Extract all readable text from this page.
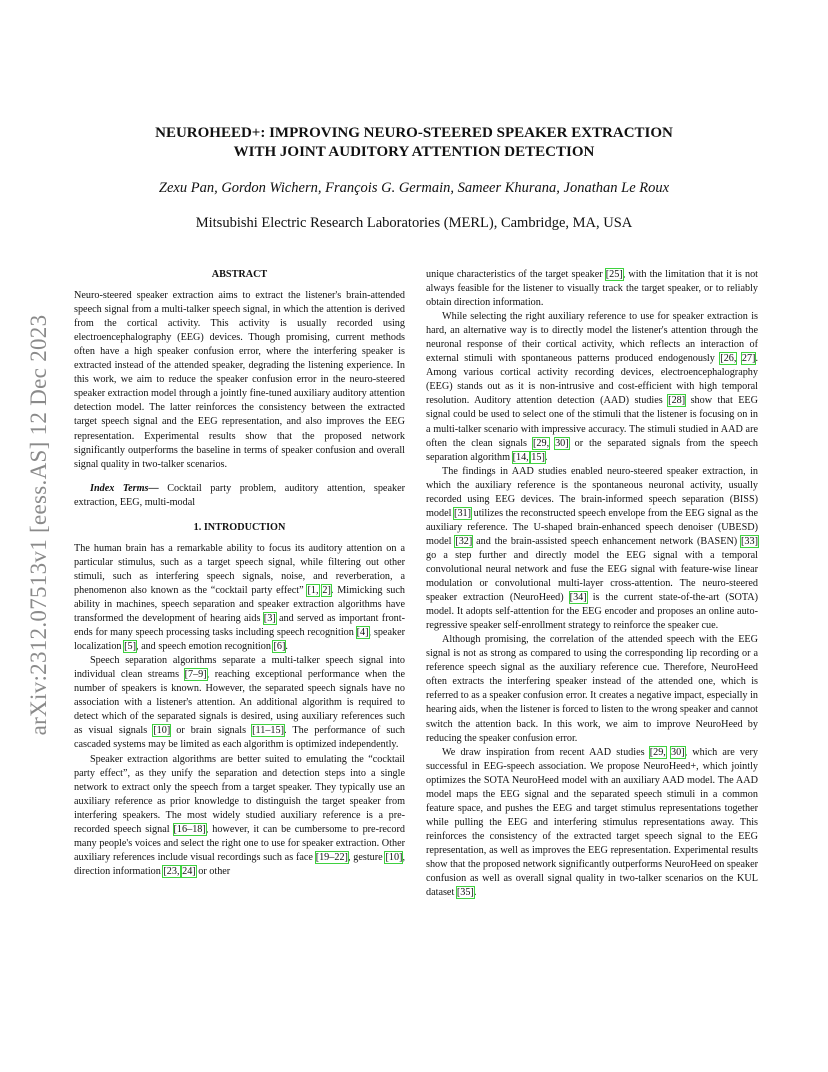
arXiv:2312.07513v1 [eess.AS] 12 Dec 2023
NEUROHEED+: IMPROVING NEURO-STEERED SPEAKER EXTRACTION
WITH JOINT AUDITORY ATTENTION DETECTION
Zexu Pan, Gordon Wichern, François G. Germain, Sameer Khurana, Jonathan Le Roux
Mitsubishi Electric Research Laboratories (MERL), Cambridge, MA, USA
ABSTRACT

Neuro-steered speaker extraction aims to extract the listener's brain-attended speech signal from a multi-talker speech signal, in which the attention is derived from the cortical activity. This activity is usually recorded using electroencephalography (EEG) devices. Though promising, current methods often have a high speaker confusion error, where the interfering speaker is extracted instead of the attended speaker, degrading the listening experience. In this work, we aim to reduce the speaker confusion error in the neuro-steered speaker extraction model through a jointly fine-tuned auxiliary auditory attention detection model. The latter reinforces the consistency between the extracted target speech signal and the EEG representation, and also improves the EEG representation. Experimental results show that the proposed network significantly outperforms the baseline in terms of speaker confusion and overall signal quality in two-talker scenarios.

Index Terms— Cocktail party problem, auditory attention, speaker extraction, EEG, multi-modal

1. INTRODUCTION

The human brain has a remarkable ability to focus its auditory attention on a particular stimulus, such as a target speech signal, while filtering out other stimuli, such as interfering speech signals, noise, and reverberation, a phenomenon also known as the “cocktail party effect” [1, 2]. Mimicking such ability in machines, speech separation and speaker extraction algorithms have transformed the development of hearing aids [3] and served as important front-ends for many speech processing tasks including speech recognition [4], speaker localization [5], and speech emotion recognition [6].

Speech separation algorithms separate a multi-talker speech signal into individual clean streams [7–9], reaching exceptional performance when the number of speakers is known. However, the separated speech signals have no association with a listener's attention. An additional algorithm is required to detect which of the separated signals is desired, using auxiliary references such as visual signals [10] or brain signals [11–15]. The performance of such cascaded systems may be limited as each algorithm is optimized independently.

Speaker extraction algorithms are better suited to emulating the “cocktail party effect”, as they unify the separation and detection steps into a single network to extract only the speech from a target speaker. They typically use an auxiliary reference as prior knowledge to distinguish the target speaker from interfering speakers. The most widely studied auxiliary reference is a pre-recorded speech signal [16–18], however, it can be cumbersome to pre-record many people's voices and select the right one to use for speaker extraction. Other auxiliary references include visual recordings such as face [19–22], gesture [10], direction information [23, 24] or other

unique characteristics of the target speaker [25], with the limitation that it is not always feasible for the listener to visually track the target speaker, or to reliably obtain direction information.

While selecting the right auxiliary reference to use for speaker extraction is hard, an alternative way is to directly model the listener's attention through the neuronal response of their cortical activity, which reflects an interaction of external stimuli with spontaneous patterns produced endogenously [26, 27]. Among various cortical activity recording devices, electroencephalography (EEG) stands out as it is non-intrusive and cost-efficient with high temporal resolution. Auditory attention detection (AAD) studies [28] show that EEG signal could be used to select one of the stimuli that the listener is focusing on in a multi-talker scenario with impressive accuracy. The stimuli studied in AAD are often the clean signals [29, 30] or the separated signals from the speech separation algorithm [14, 15].

The findings in AAD studies enabled neuro-steered speaker extraction, in which the auxiliary reference is the spontaneous neuronal activity, usually recorded using EEG devices. The brain-informed speech separation (BISS) model [31] utilizes the reconstructed speech envelope from the EEG signal as the auxiliary reference. The U-shaped brain-enhanced speech denoiser (UBESD) model [32] and the brain-assisted speech enhancement network (BASEN) [33] go a step further and directly model the EEG signal with a temporal convolutional neural network and fuse the EEG signal with feature-wise linear modulation or convolutional multi-layer cross-attention. The neuro-steered speaker extraction (NeuroHeed) [34] is the current state-of-the-art (SOTA) model. It adopts self-attention for the EEG encoder and proposes an online auto-regressive speaker self-enrollment strategy to reinforce the speaker cue.

Although promising, the correlation of the attended speech with the EEG signal is not as strong as compared to using the corresponding lip recording or a reference speech signal as the auxiliary reference cue. Therefore, NeuroHeed often extracts the interfering speaker instead of the attended one, which is referred to as a speaker confusion error. It creates a negative impact, especially in hearing aids, when the listener is forced to listen to the wrong speaker and cannot switch the attention back. In this work, we aim to improve NeuroHeed by reducing the speaker confusion error.

We draw inspiration from recent AAD studies [29, 30], which are very successful in EEG-speech association. We propose NeuroHeed+, which jointly optimizes the SOTA NeuroHeed model with an auxiliary AAD model. The AAD model maps the EEG signal and the separated speech stimuli in a common feature space, and pushes the EEG and target stimulus representations together while pulling the EEG and interfering stimulus representations away. This reinforces the consistency of the extracted target speech signal to the EEG representation, as well as improves the EEG representation. Experimental results show that the proposed network significantly outperforms NeuroHeed on speaker confusion as well as overall signal quality in two-talker scenarios on the KUL dataset [35].
